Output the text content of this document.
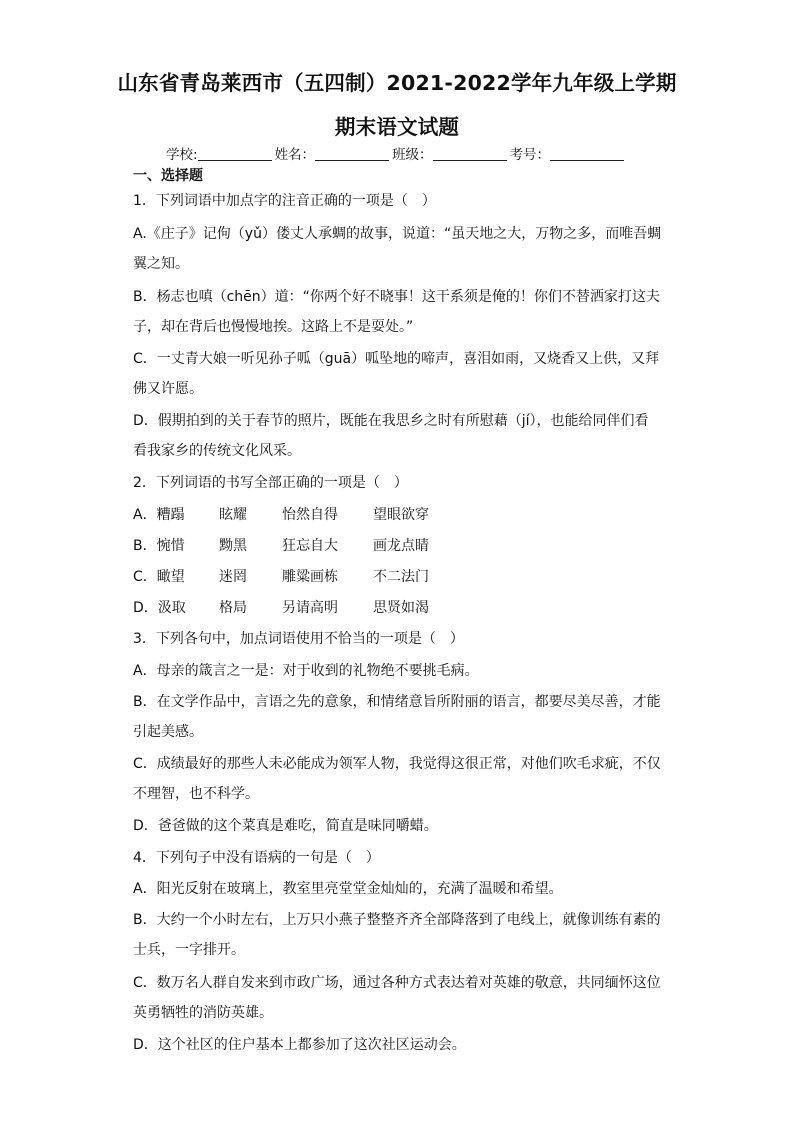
山东省青岛莱西市（五四制）2021-2022学年九年级上学期
期末语文试题
学校:	姓名：	班级：	考号：
一、选择题
1．下列词语中加点字的注音正确的一项是（　）
A.《庄子》记佝（yǔ）偻丈人承蜩的故事，说道：“虽天地之大，万物之多，而唯吾蜩
翼之知。
B．杨志也嗔（chēn）道：“你两个好不晓事！这干系须是俺的！你们不替洒家打这夫
子，却在背后也慢慢地挨。这路上不是耍处。”
C．一丈青大娘一听见孙子呱（guā）呱坠地的啼声，喜泪如雨，又烧香又上供，又拜
佛又许愿。
D．假期拍到的关于春节的照片，既能在我思乡之时有所慰藉（jí），也能给同伴们看
看我家乡的传统文化风采。
2．下列词语的书写全部正确的一项是（　）
A．糟蹋 眩耀	怡然自得	望眼欲穿
B．惋惜 黝黑	狂忘自大	画龙点睛
C．瞰望 迷罔	雕粱画栋	不二法门
D．汲取 格局	另请高明	思贤如渴
3．下列各句中，加点词语使用不恰当的一项是（　）
A．母亲的箴言之一是：对于收到的礼物绝不要挑毛病。
B．在文学作品中，言语之先的意象，和情绪意旨所附丽的语言，都要尽美尽善，才能
引起美感。
C．成绩最好的那些人未必能成为领军人物，我觉得这很正常，对他们吹毛求疵，不仅
不理智，也不科学。
D．爸爸做的这个菜真是难吃，简直是味同嚼蜡。
4．下列句子中没有语病的一句是（　）
A．阳光反射在玻璃上，教室里亮堂堂金灿灿的，充满了温暖和希望。
B．大约一个小时左右，上万只小燕子整整齐齐全部降落到了电线上，就像训练有素的
士兵，一字排开。
C．数万名人群自发来到市政广场，通过各种方式表达着对英雄的敬意，共同缅怀这位
英勇牺牲的消防英雄。
D．这个社区的住户基本上都参加了这次社区运动会。
